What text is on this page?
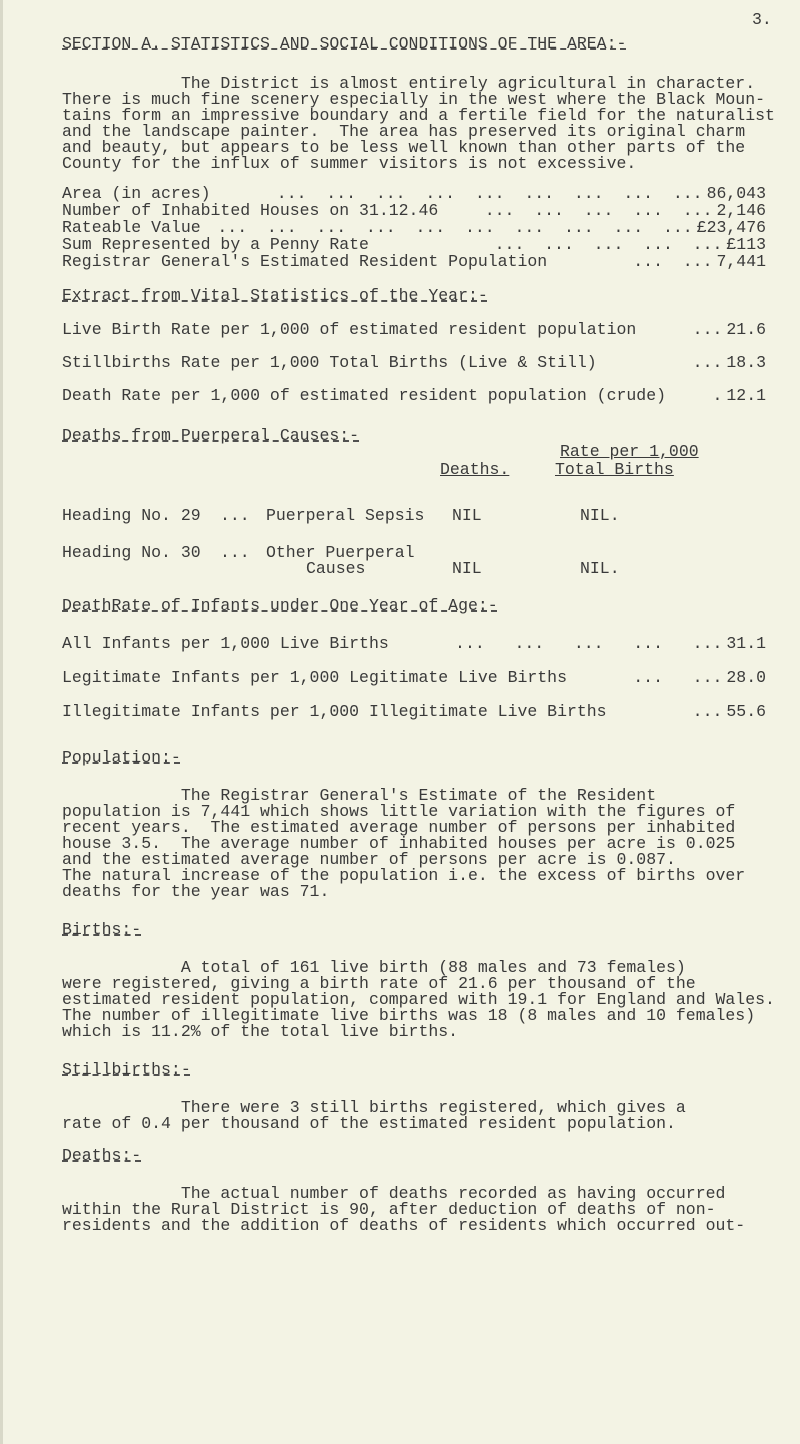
3.
SECTION A. STATISTICS AND SOCIAL CONDITIONS OF THE AREA:-
The District is almost entirely agricultural in character.
There is much fine scenery especially in the west where the Black Moun-
tains form an impressive boundary and a fertile field for the naturalist
and the landscape painter.  The area has preserved its original charm
and beauty, but appears to be less well known than other parts of the
County for the influx of summer visitors is not excessive.
Area (in acres)	...  ...  ...  ...  ...  ...  ...  ...  ... 86,043
Number of Inhabited Houses on 31.12.46	...  ...  ...  ...  ... 2,146
Rateable Value	...  ...  ...  ...  ...  ...  ...  ...  ...  ... £23,476
Sum Represented by a Penny Rate	...  ...  ...  ...  ... £113
Registrar General's Estimated Resident Population	...  ... 7,441
Extract from Vital Statistics of the Year:-
Live Birth Rate per 1,000 of estimated resident population	... 21.6
Stillbirths Rate per 1,000 Total Births (Live & Still)	... 18.3
Death Rate per 1,000 of estimated resident population (crude)	. 12.1
Deaths from Puerperal Causes:-
Rate per 1,000
Deaths.	Total Births
Heading No. 29 ... Puerperal Sepsis NIL	NIL.
Heading No. 30 ... Other Puerperal
Causes	NIL	NIL.
DeathRate of Infants under One Year of Age:-
All Infants per 1,000 Live Births	...   ...   ...   ...   ... 31.1
Legitimate Infants per 1,000 Legitimate Live Births	...   ... 28.0
Illegitimate Infants per 1,000 Illegitimate Live Births	... 55.6
Population:-
The Registrar General's Estimate of the Resident
population is 7,441 which shows little variation with the figures of
recent years.  The estimated average number of persons per inhabited
house 3.5.  The average number of inhabited houses per acre is 0.025
and the estimated average number of persons per acre is 0.087.
The natural increase of the population i.e. the excess of births over
deaths for the year was 71.
Births:-
A total of 161 live birth (88 males and 73 females)
were registered, giving a birth rate of 21.6 per thousand of the
estimated resident population, compared with 19.1 for England and Wales.
The number of illegitimate live births was 18 (8 males and 10 females)
which is 11.2% of the total live births.
Stillbirths:-
There were 3 still births registered, which gives a
rate of 0.4 per thousand of the estimated resident population.
Deaths:-
The actual number of deaths recorded as having occurred
within the Rural District is 90, after deduction of deaths of non-
residents and the addition of deaths of residents which occurred out-
